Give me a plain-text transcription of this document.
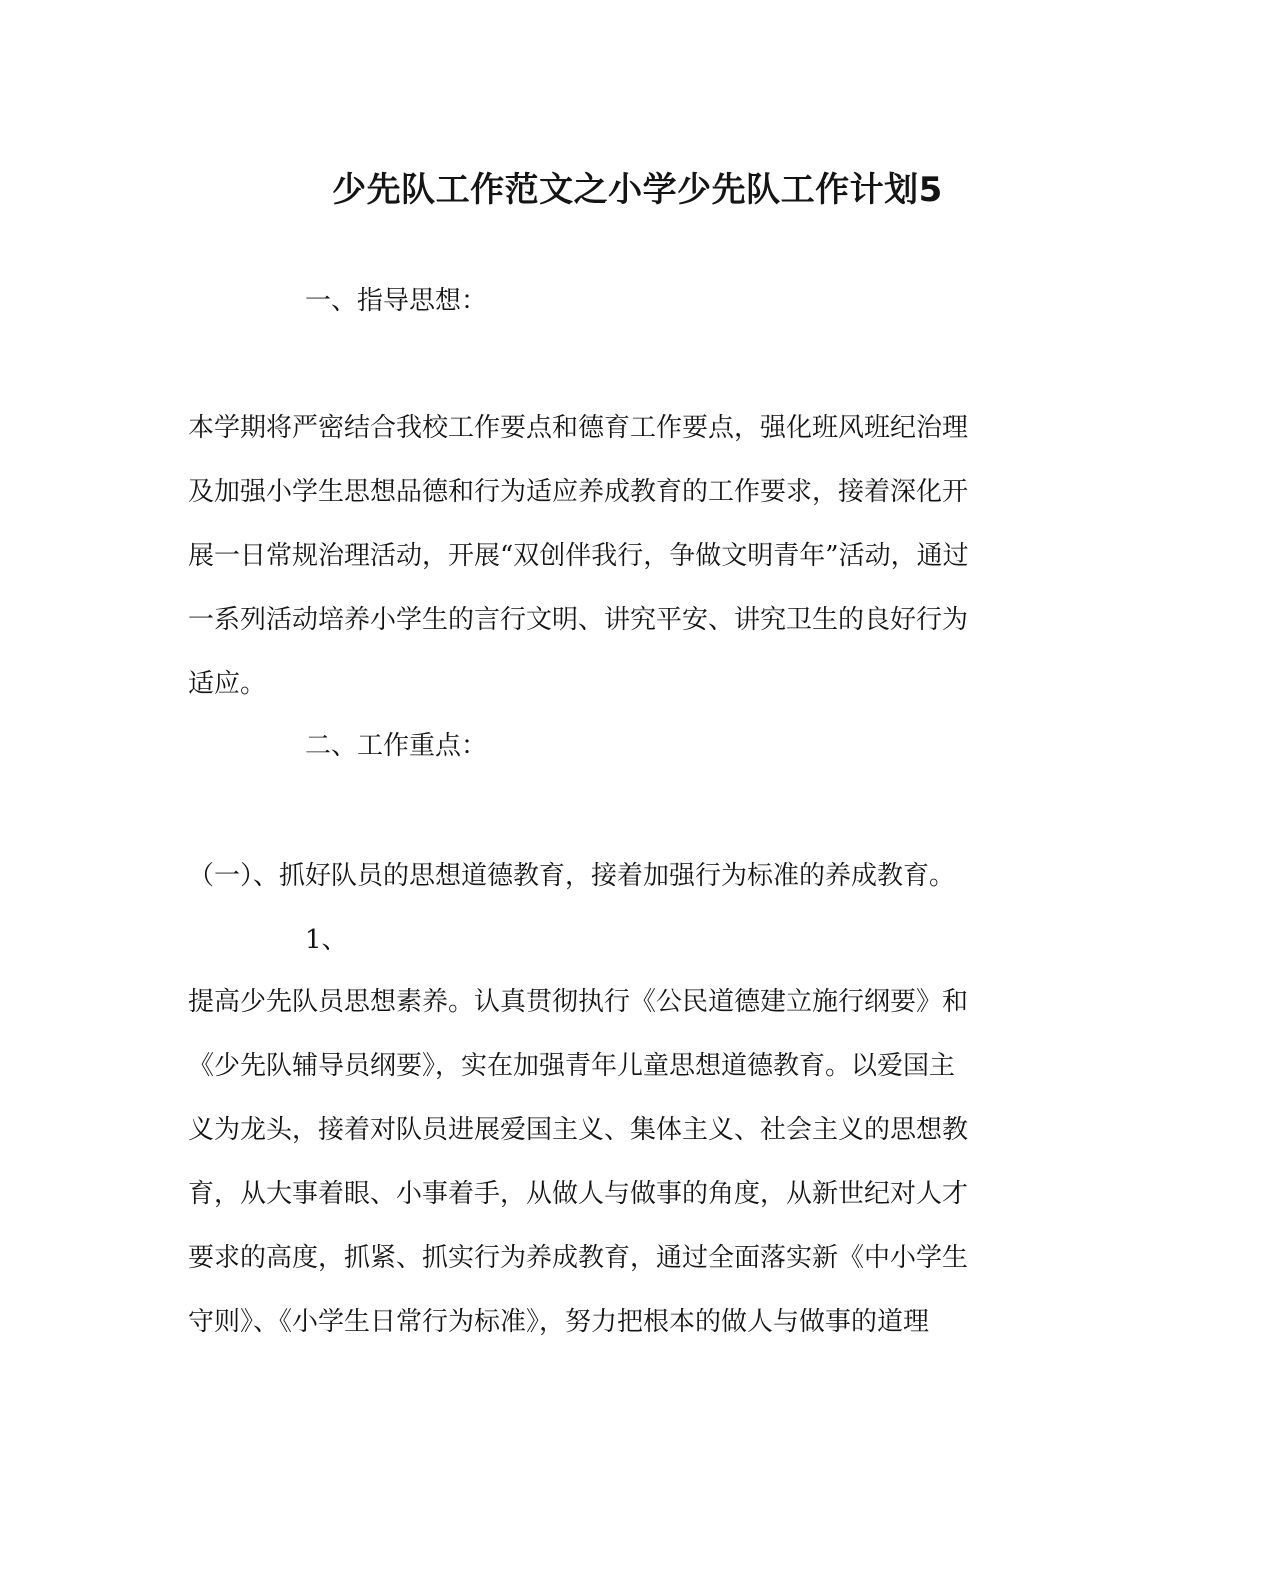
少先队工作范文之小学少先队工作计划5
一、指导思想：
本学期将严密结合我校工作要点和德育工作要点，强化班风班纪治理
及加强小学生思想品德和行为适应养成教育的工作要求，接着深化开
展一日常规治理活动，开展“双创伴我行，争做文明青年”活动，通过
一系列活动培养小学生的言行文明、讲究平安、讲究卫生的良好行为
适应。
二、工作重点：
（一）、抓好队员的思想道德教育，接着加强行为标准的养成教育。
1、
提高少先队员思想素养。认真贯彻执行《公民道德建立施行纲要》和
《少先队辅导员纲要》，实在加强青年儿童思想道德教育。以爱国主
义为龙头，接着对队员进展爱国主义、集体主义、社会主义的思想教
育，从大事着眼、小事着手，从做人与做事的角度，从新世纪对人才
要求的高度，抓紧、抓实行为养成教育，通过全面落实新《中小学生
守则》、《小学生日常行为标准》，努力把根本的做人与做事的道理
